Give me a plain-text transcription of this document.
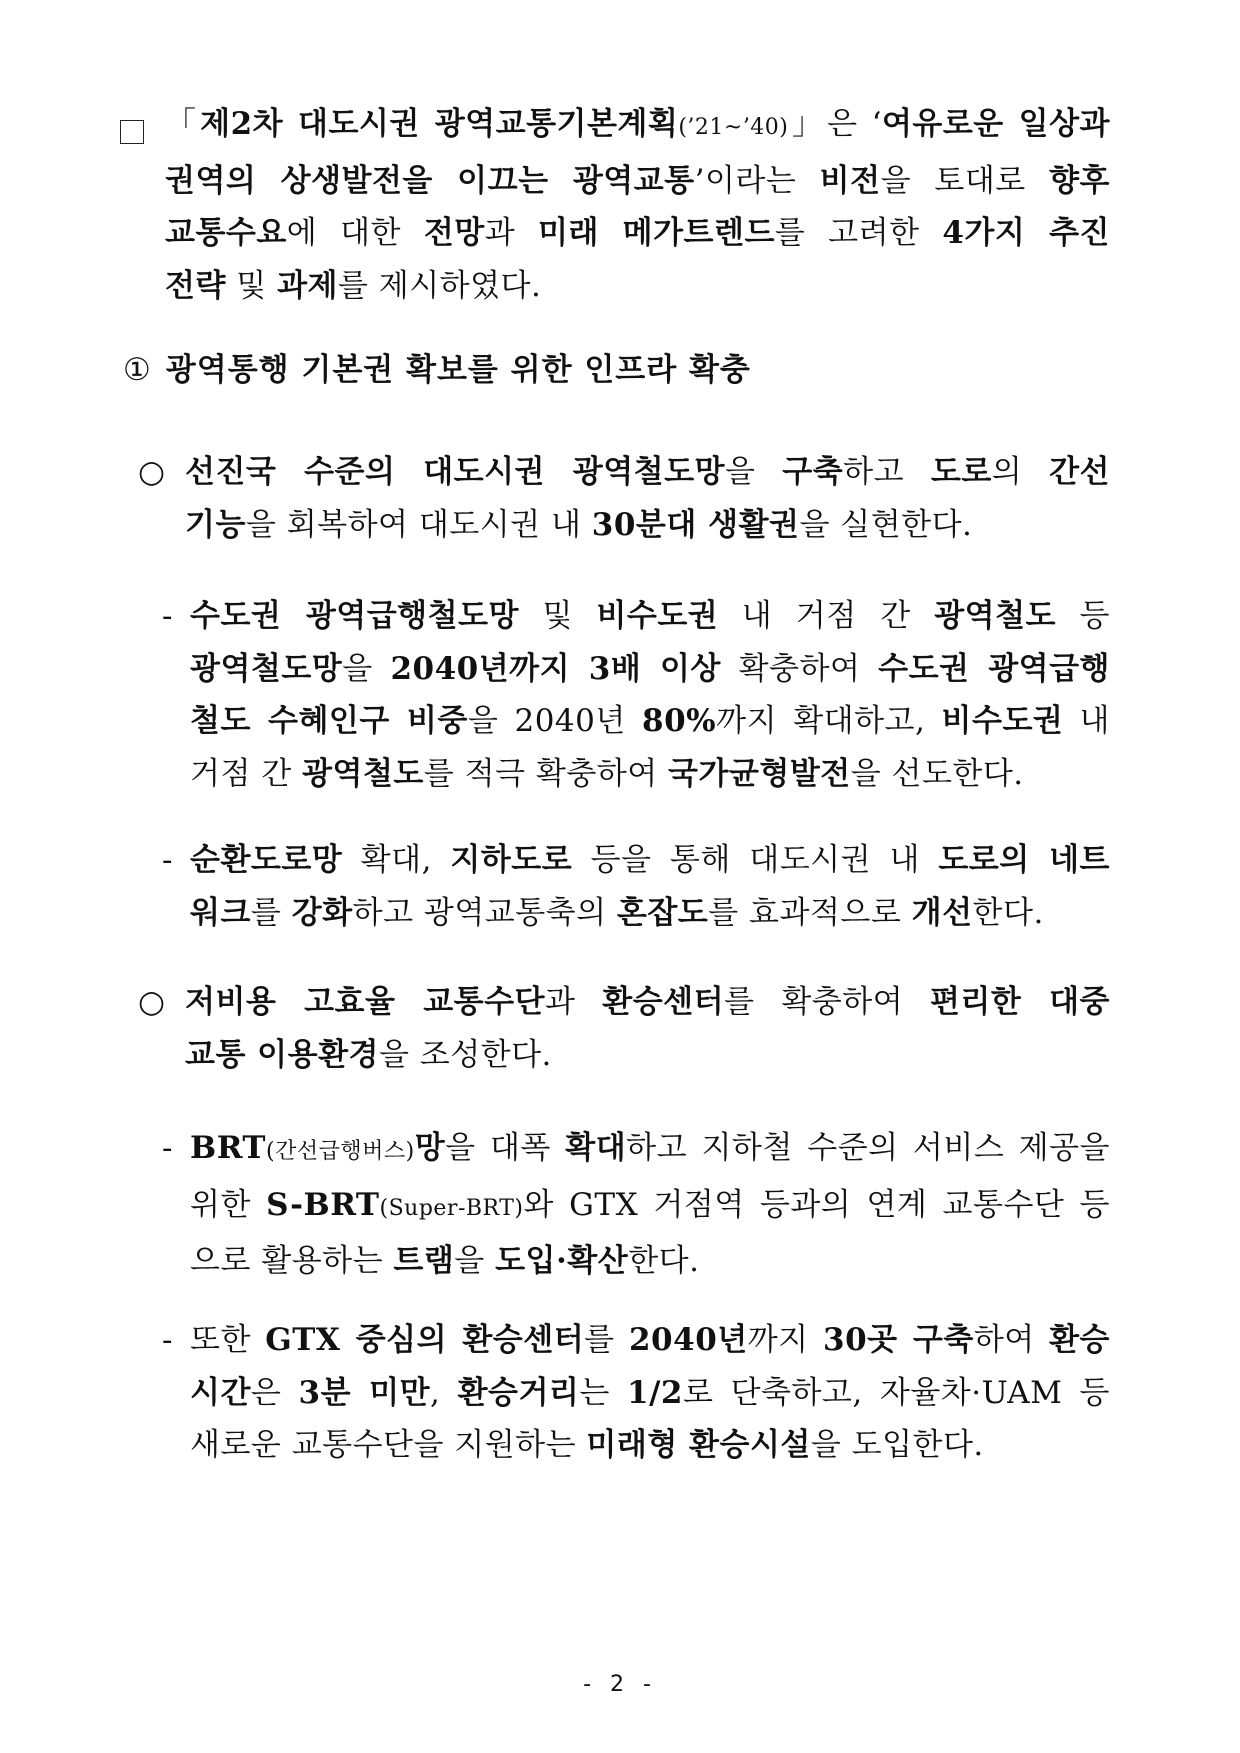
「제2차 대도시권 광역교통기본계획(’21~’40)」은 ‘여유로운 일상과
권역의 상생발전을 이끄는 광역교통’이라는 비전을 토대로 향후
교통수요에 대한 전망과 미래 메가트렌드를 고려한 4가지 추진
전략 및 과제를 제시하였다.
① 광역통행 기본권 확보를 위한 인프라 확충
○ 선진국 수준의 대도시권 광역철도망을 구축하고 도로의 간선
기능을 회복하여 대도시권 내 30분대 생활권을 실현한다.
- 수도권 광역급행철도망 및 비수도권 내 거점 간 광역철도 등
광역철도망을 2040년까지 3배 이상 확충하여 수도권 광역급행
철도 수혜인구 비중을 2040년 80%까지 확대하고, 비수도권 내
거점 간 광역철도를 적극 확충하여 국가균형발전을 선도한다.
- 순환도로망 확대, 지하도로 등을 통해 대도시권 내 도로의 네트
워크를 강화하고 광역교통축의 혼잡도를 효과적으로 개선한다.
○ 저비용 고효율 교통수단과 환승센터를 확충하여 편리한 대중
교통 이용환경을 조성한다.
- BRT(간선급행버스)망을 대폭 확대하고 지하철 수준의 서비스 제공을
위한 S-BRT(Super-BRT)와 GTX 거점역 등과의 연계 교통수단 등
으로 활용하는 트램을 도입·확산한다.
- 또한 GTX 중심의 환승센터를 2040년까지 30곳 구축하여 환승
시간은 3분 미만, 환승거리는 1/2로 단축하고, 자율차·UAM 등
새로운 교통수단을 지원하는 미래형 환승시설을 도입한다.
- 2 -
